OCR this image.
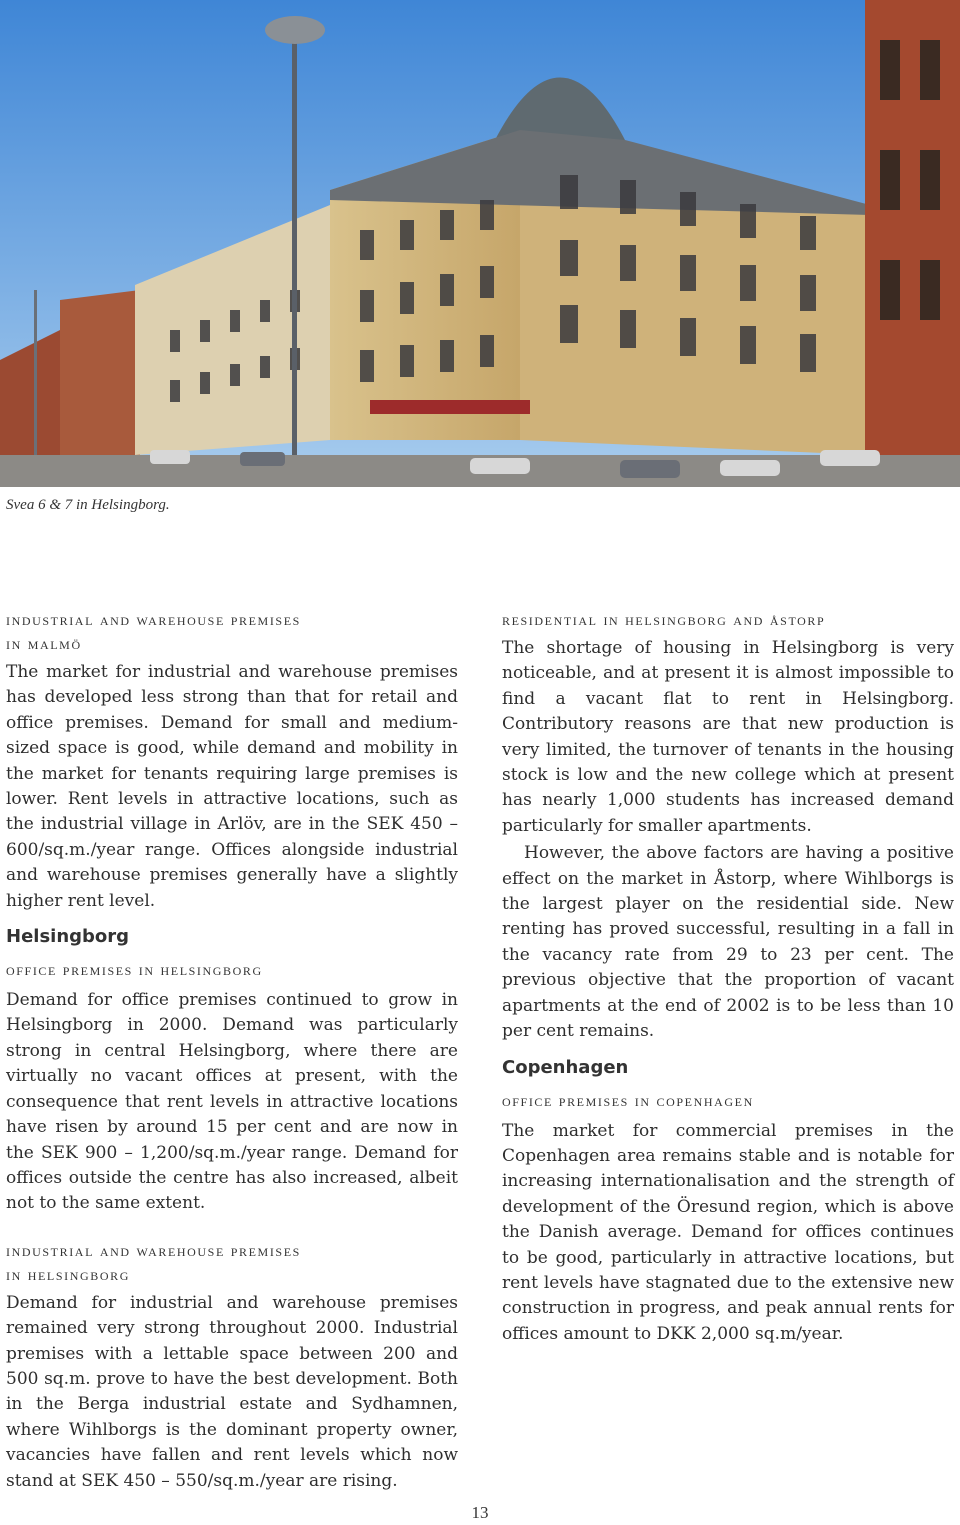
Svea 6 & 7 in Helsingborg.
industrial and warehouse premises
in malmö

The market for industrial and warehouse premises has developed less strong than that for retail and office premises. Demand for small and medium-sized space is good, while demand and mobility in the market for tenants requiring large premises is lower. Rent levels in attractive locations, such as the industrial village in Arlöv, are in the SEK 450 – 600/sq.m./year range. Offices alongside industrial and warehouse premises generally have a slightly higher rent level.

Helsingborg
office premises in helsingborg

Demand for office premises continued to grow in Helsingborg in 2000. Demand was particularly strong in central Helsingborg, where there are virtually no vacant offices at present, with the consequence that rent levels in attractive locations have risen by around 15 per cent and are now in the SEK 900 – 1,200/sq.m./year range. Demand for offices outside the centre has also increased, albeit not to the same extent.

industrial and warehouse premises
in helsingborg

Demand for industrial and warehouse premises remained very strong throughout 2000. Industrial premises with a lettable space between 200 and 500 sq.m. prove to have the best development. Both in the Berga industrial estate and Sydhamnen, where Wihlborgs is the dominant property owner, vacancies have fallen and rent levels which now stand at SEK 450 – 550/sq.m./year are rising.

residential in helsingborg and åstorp

The shortage of housing in Helsingborg is very noticeable, and at present it is almost impossible to find a vacant flat to rent in Helsingborg. Contributory reasons are that new production is very limited, the turnover of tenants in the housing stock is low and the new college which at present has nearly 1,000 students has increased demand particularly for smaller apartments.

However, the above factors are having a positive effect on the market in Åstorp, where Wihlborgs is the largest player on the residential side. New renting has proved successful, resulting in a fall in the vacancy rate from 29 to 23 per cent. The previous objective that the proportion of vacant apartments at the end of 2002 is to be less than 10 per cent remains.

Copenhagen
office premises in copenhagen

The market for commercial premises in the Copenhagen area remains stable and is notable for increasing internationalisation and the strength of development of the Öresund region, which is above the Danish average. Demand for offices continues to be good, particularly in attractive locations, but rent levels have stagnated due to the extensive new construction in progress, and peak annual rents for offices amount to DKK 2,000 sq.m/year.

13
